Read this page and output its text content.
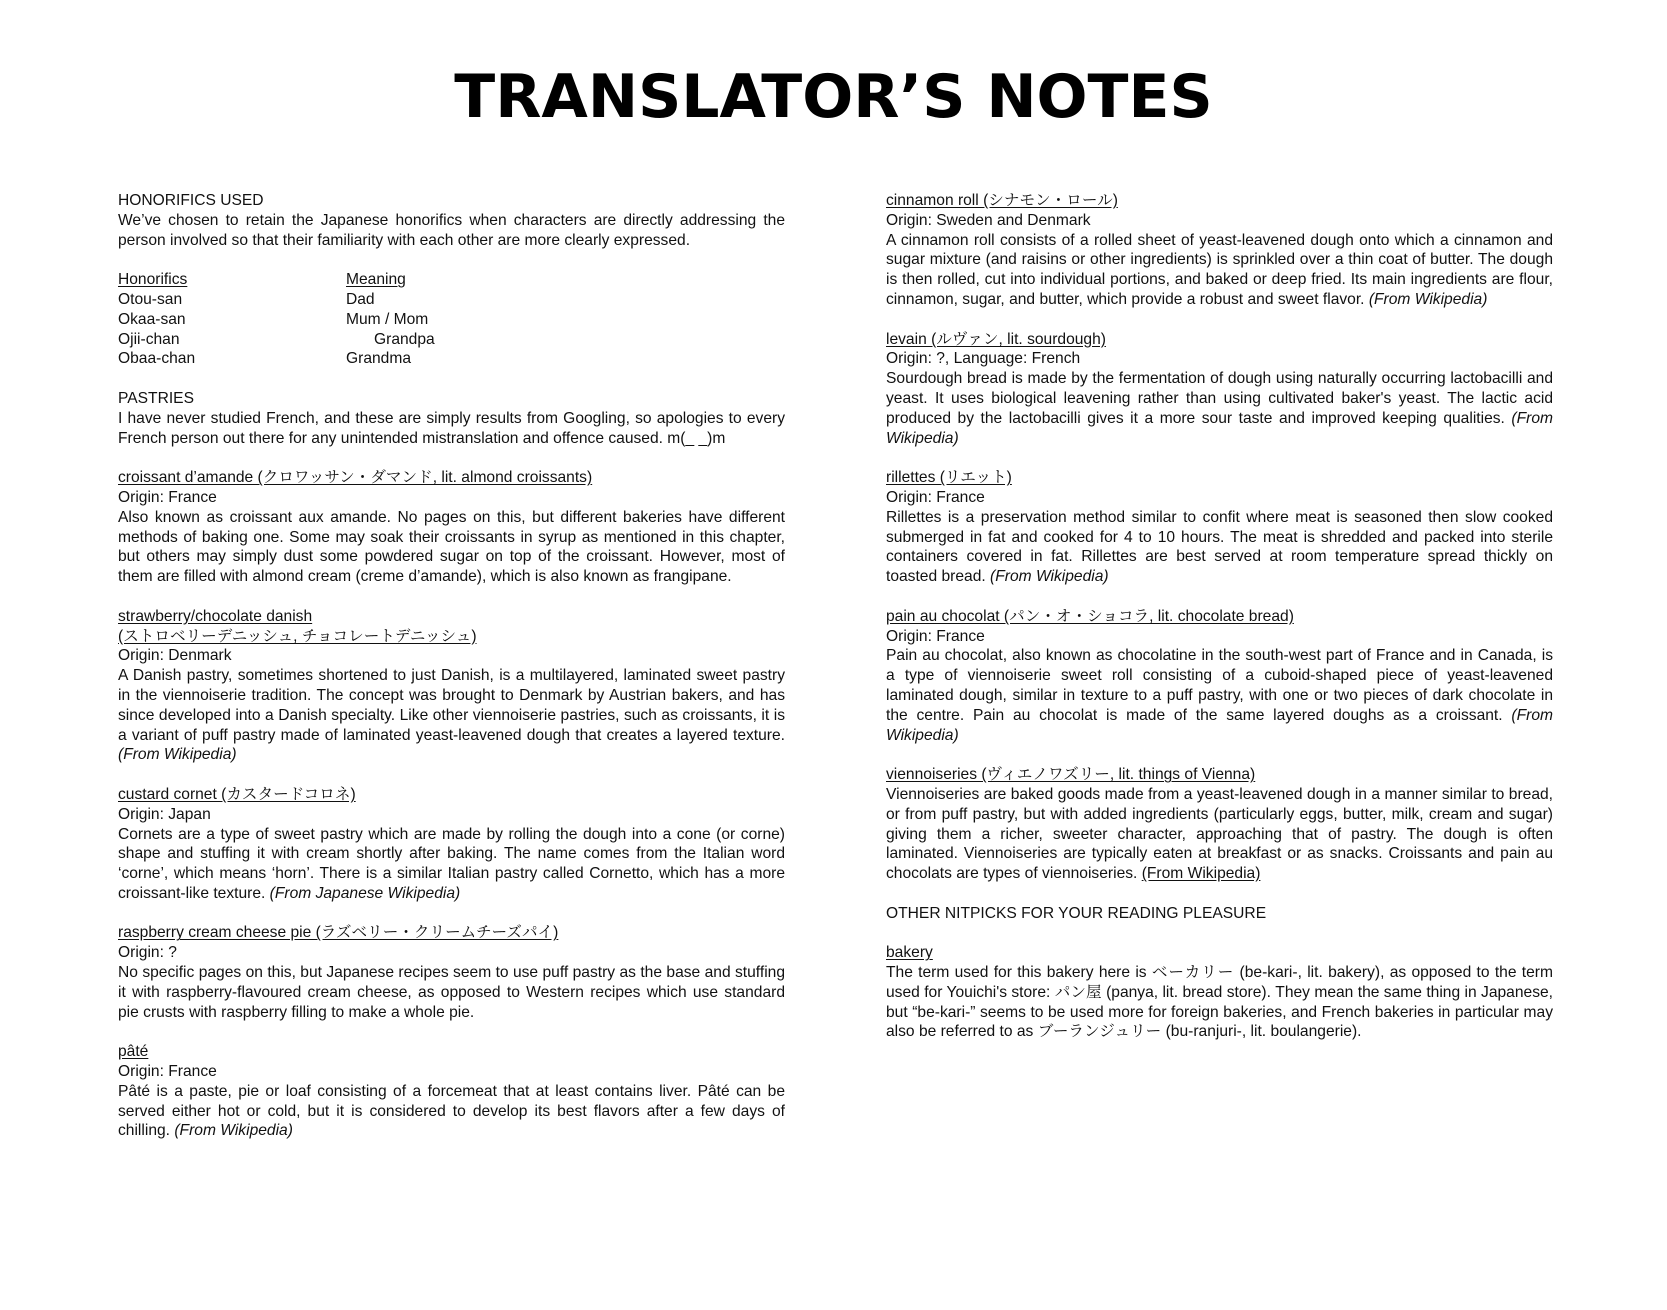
TRANSLATOR’S NOTES

HONORIFICS USED

We’ve chosen to retain the Japanese honorifics when characters are directly addressing the person involved so that their familiarity with each other are more clearly expressed.

Honorifics	Meaning
Otou-san	Dad
Okaa-san	Mum / Mom
Ojii-chan	Grandpa
Obaa-chan	Grandma

PASTRIES

I have never studied French, and these are simply results from Googling, so apologies to every French person out there for any unintended mistranslation and offence caused. m(_ _)m

croissant d’amande (クロワッサン・ダマンド, lit. almond croissants)

Origin: France

Also known as croissant aux amande. No pages on this, but different bakeries have different methods of baking one. Some may soak their croissants in syrup as mentioned in this chapter, but others may simply dust some powdered sugar on top of the croissant. However, most of them are filled with almond cream (creme d’amande), which is also known as frangipane.

strawberry/chocolate danish

(ストロベリーデニッシュ, チョコレートデニッシュ)

Origin: Denmark

A Danish pastry, sometimes shortened to just Danish, is a multilayered, laminated sweet pastry in the viennoiserie tradition. The concept was brought to Denmark by Austrian bakers, and has since developed into a Danish specialty. Like other viennoiserie pastries, such as croissants, it is a variant of puff pastry made of laminated yeast-leavened dough that creates a layered texture. (From Wikipedia)

custard cornet (カスタードコロネ)

Origin: Japan

Cornets are a type of sweet pastry which are made by rolling the dough into a cone (or corne) shape and stuffing it with cream shortly after baking. The name comes from the Italian word ‘corne’, which means ‘horn’. There is a similar Italian pastry called Cornetto, which has a more croissant-like texture. (From Japanese Wikipedia)

raspberry cream cheese pie (ラズベリー・クリームチーズパイ)

Origin: ?

No specific pages on this, but Japanese recipes seem to use puff pastry as the base and stuffing it with raspberry-flavoured cream cheese, as opposed to Western recipes which use standard pie crusts with raspberry filling to make a whole pie.

pâté

Origin: France

Pâté is a paste, pie or loaf consisting of a forcemeat that at least contains liver. Pâté can be served either hot or cold, but it is considered to develop its best flavors after a few days of chilling. (From Wikipedia)

cinnamon roll (シナモン・ロール)

Origin: Sweden and Denmark

A cinnamon roll consists of a rolled sheet of yeast-leavened dough onto which a cinnamon and sugar mixture (and raisins or other ingredients) is sprinkled over a thin coat of butter. The dough is then rolled, cut into individual portions, and baked or deep fried. Its main ingredients are flour, cinnamon, sugar, and butter, which provide a robust and sweet flavor. (From Wikipedia)

levain (ルヴァン, lit. sourdough)

Origin: ?, Language: French

Sourdough bread is made by the fermentation of dough using naturally occurring lactobacilli and yeast. It uses biological leavening rather than using cultivated baker's yeast. The lactic acid produced by the lactobacilli gives it a more sour taste and improved keeping qualities. (From Wikipedia)

rillettes (リエット)

Origin: France

Rillettes is a preservation method similar to confit where meat is seasoned then slow cooked submerged in fat and cooked for 4 to 10 hours. The meat is shredded and packed into sterile containers covered in fat. Rillettes are best served at room temperature spread thickly on toasted bread. (From Wikipedia)

pain au chocolat (パン・オ・ショコラ, lit. chocolate bread)

Origin: France

Pain au chocolat, also known as chocolatine in the south-west part of France and in Canada, is a type of viennoiserie sweet roll consisting of a cuboid-shaped piece of yeast-leavened laminated dough, similar in texture to a puff pastry, with one or two pieces of dark chocolate in the centre. Pain au chocolat is made of the same layered doughs as a croissant. (From Wikipedia)

viennoiseries (ヴィエノワズリー, lit. things of Vienna)

Viennoiseries are baked goods made from a yeast-leavened dough in a manner similar to bread, or from puff pastry, but with added ingredients (particularly eggs, butter, milk, cream and sugar) giving them a richer, sweeter character, approaching that of pastry. The dough is often laminated. Viennoiseries are typically eaten at breakfast or as snacks. Croissants and pain au chocolats are types of viennoiseries. (From Wikipedia)

OTHER NITPICKS FOR YOUR READING PLEASURE

bakery

The term used for this bakery here is ベーカリー (be-kari-, lit. bakery), as opposed to the term used for Youichi's store: パン屋 (panya, lit. bread store). They mean the same thing in Japanese, but “be-kari-” seems to be used more for foreign bakeries, and French bakeries in particular may also be referred to as ブーランジュリー (bu-ranjuri-, lit. boulangerie).
